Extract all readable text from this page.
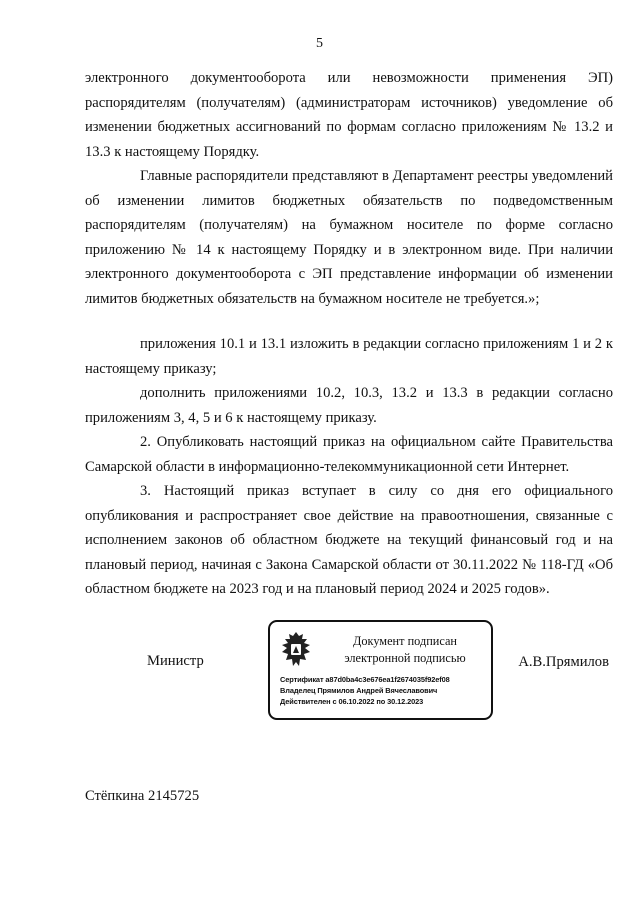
5

электронного документооборота или невозможности применения ЭП) распорядителям (получателям) (администраторам источников) уведомление об изменении бюджетных ассигнований по формам согласно приложениям № 13.2 и 13.3 к настоящему Порядку.

Главные распорядители представляют в Департамент реестры уведомлений об изменении лимитов бюджетных обязательств по подведомственным распорядителям (получателям) на бумажном носителе по форме согласно приложению № 14 к настоящему Порядку и в электронном виде. При наличии электронного документооборота с ЭП представление информации об изменении лимитов бюджетных обязательств на бумажном носителе не требуется.»;

приложения 10.1 и 13.1 изложить в редакции согласно приложениям 1 и 2 к настоящему приказу;

дополнить приложениями 10.2, 10.3, 13.2 и 13.3 в редакции согласно приложениям 3, 4, 5 и 6 к настоящему приказу.

2. Опубликовать настоящий приказ на официальном сайте Правительства Самарской области в информационно-телекоммуникационной сети Интернет.

3. Настоящий приказ вступает в силу со дня его официального опубликования и распространяет свое действие на правоотношения, связанные с исполнением законов об областном бюджете на текущий финансовый год и на плановый период, начиная с Закона Самарской области от 30.11.2022 № 118-ГД «Об областном бюджете на 2023 год и на плановый период 2024 и 2025 годов».

Министр
Документ подписан
электронной подписью
Сертификат a87d0ba4c3e676ea1f2674035f92ef08
Владелец Прямилов Андрей Вячеславович
Действителен с 06.10.2022 по 30.12.2023
А.В.Прямилов
Стёпкина 2145725
